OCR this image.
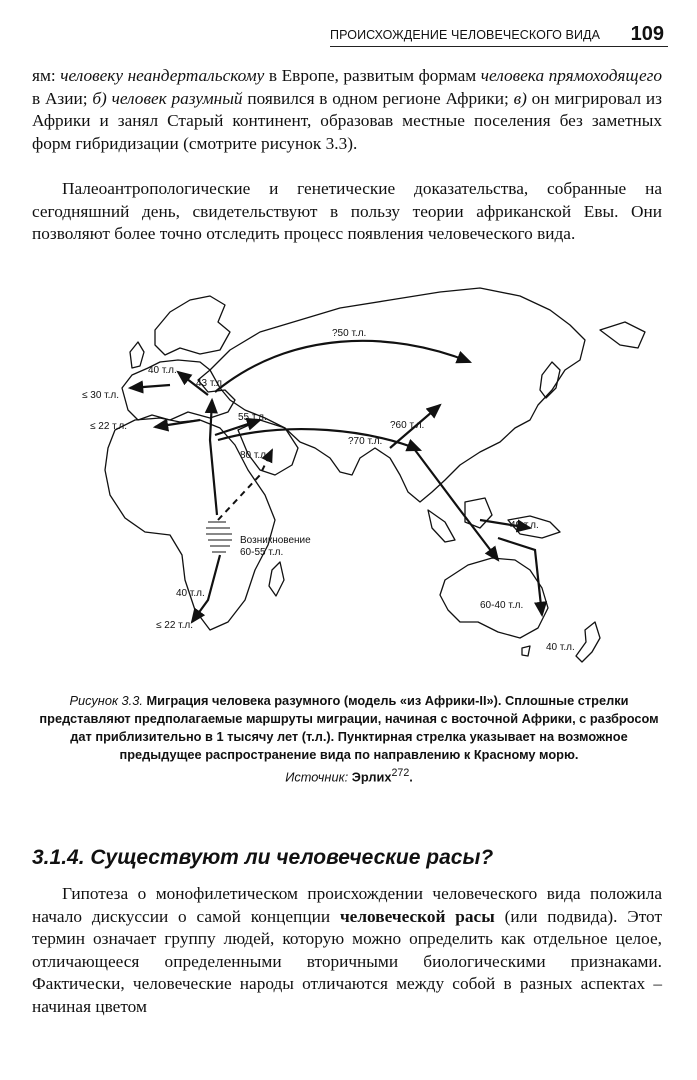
ПРОИСХОЖДЕНИЕ ЧЕЛОВЕЧЕСКОГО ВИДА 109

ям: человеку неандертальскому в Европе, развитым формам человека прямоходящего в Азии; б) человек разумный появился в одном регионе Африки; в) он мигрировал из Африки и занял Старый континент, образовав местные поселения без заметных форм гибридизации (смотрите рисунок 3.3).

Палеоантропологические и генетические доказательства, собранные на сегодняшний день, свидетельствуют в пользу теории африканской Евы. Они позволяют более точно отследить процесс появления человеческого вида.

?50 т.л.
40 т.л.
43 т.л.
≤ 30 т.л.
≤ 22 т.л.
55 т.л.
?60 т.л.
?70 т.л.
80 т.л.
Возникновение
60-55 т.л.
40 т.л.
≤ 22 т.л.
40 т.л.
60-40 т.л.
40 т.л.
Рисунок 3.3. Миграция человека разумного (модель «из Африки-II»). Сплошные стрелки представляют предполагаемые маршруты миграции, начиная с восточной Африки, с разбросом дат приблизительно в 1 тысячу лет (т.л.). Пунктирная стрелка указывает на возможное предыдущее распространение вида по направлению к Красному морю.
Источник: Эрлих$^{272}$.
3.1.4. Существуют ли человеческие расы?

Гипотеза о монофилетическом происхождении человеческого вида положила начало дискуссии о самой концепции человеческой расы (или подвида). Этот термин означает группу людей, которую можно определить как отдельное целое, отличающееся определенными вторичными биологическими признаками. Фактически, человеческие народы отличаются между собой в разных аспектах – начиная цветом
